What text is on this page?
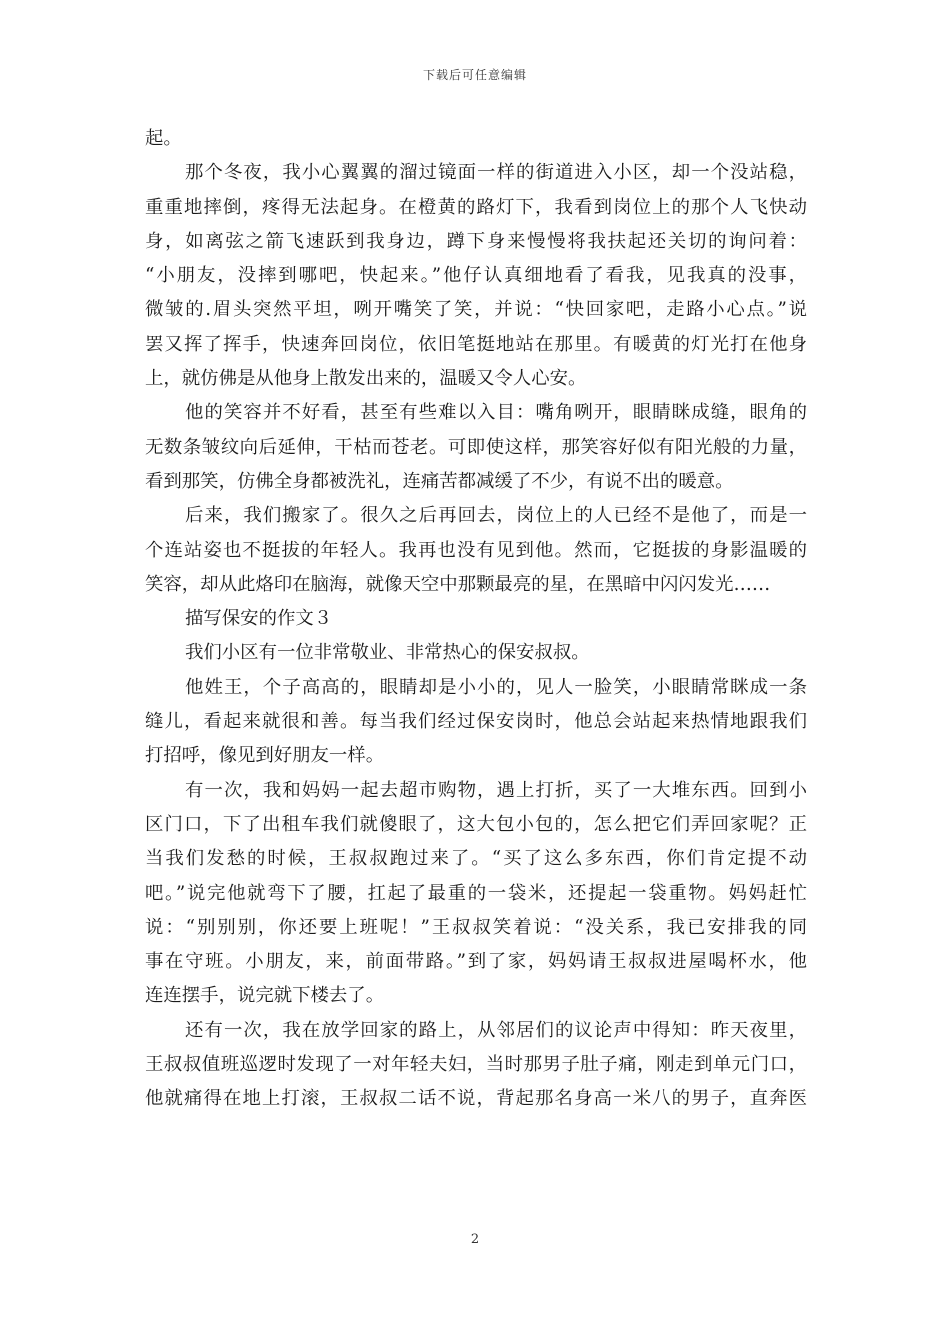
下载后可任意编辑
起。
那个冬夜，我小心翼翼的溜过镜面一样的街道进入小区，却一个没站稳，
重重地摔倒，疼得无法起身。在橙黄的路灯下，我看到岗位上的那个人飞快动
身，如离弦之箭飞速跃到我身边，蹲下身来慢慢将我扶起还关切的询问着：
“小朋友，没摔到哪吧，快起来。”他仔认真细地看了看我，见我真的没事，
微皱的.眉头突然平坦，咧开嘴笑了笑，并说：“快回家吧，走路小心点。”说
罢又挥了挥手，快速奔回岗位，依旧笔挺地站在那里。有暖黄的灯光打在他身
上，就仿佛是从他身上散发出来的，温暖又令人心安。
他的笑容并不好看，甚至有些难以入目：嘴角咧开，眼睛眯成缝，眼角的
无数条皱纹向后延伸，干枯而苍老。可即使这样，那笑容好似有阳光般的力量，
看到那笑，仿佛全身都被洗礼，连痛苦都减缓了不少，有说不出的暖意。
后来，我们搬家了。很久之后再回去，岗位上的人已经不是他了，而是一
个连站姿也不挺拔的年轻人。我再也没有见到他。然而，它挺拔的身影温暖的
笑容，却从此烙印在脑海，就像天空中那颗最亮的星，在黑暗中闪闪发光……
描写保安的作文３
我们小区有一位非常敬业、非常热心的保安叔叔。
他姓王，个子高高的，眼睛却是小小的，见人一脸笑，小眼睛常眯成一条
缝儿，看起来就很和善。每当我们经过保安岗时，他总会站起来热情地跟我们
打招呼，像见到好朋友一样。
有一次，我和妈妈一起去超市购物，遇上打折，买了一大堆东西。回到小
区门口，下了出租车我们就傻眼了，这大包小包的，怎么把它们弄回家呢？正
当我们发愁的时候，王叔叔跑过来了。“买了这么多东西，你们肯定提不动
吧。”说完他就弯下了腰，扛起了最重的一袋米，还提起一袋重物。妈妈赶忙
说：“别别别，你还要上班呢！”王叔叔笑着说：“没关系，我已安排我的同
事在守班。小朋友，来，前面带路。”到了家，妈妈请王叔叔进屋喝杯水，他
连连摆手，说完就下楼去了。
还有一次，我在放学回家的路上，从邻居们的议论声中得知：昨天夜里，
王叔叔值班巡逻时发现了一对年轻夫妇，当时那男子肚子痛，刚走到单元门口，
他就痛得在地上打滚，王叔叔二话不说，背起那名身高一米八的男子，直奔医
2
